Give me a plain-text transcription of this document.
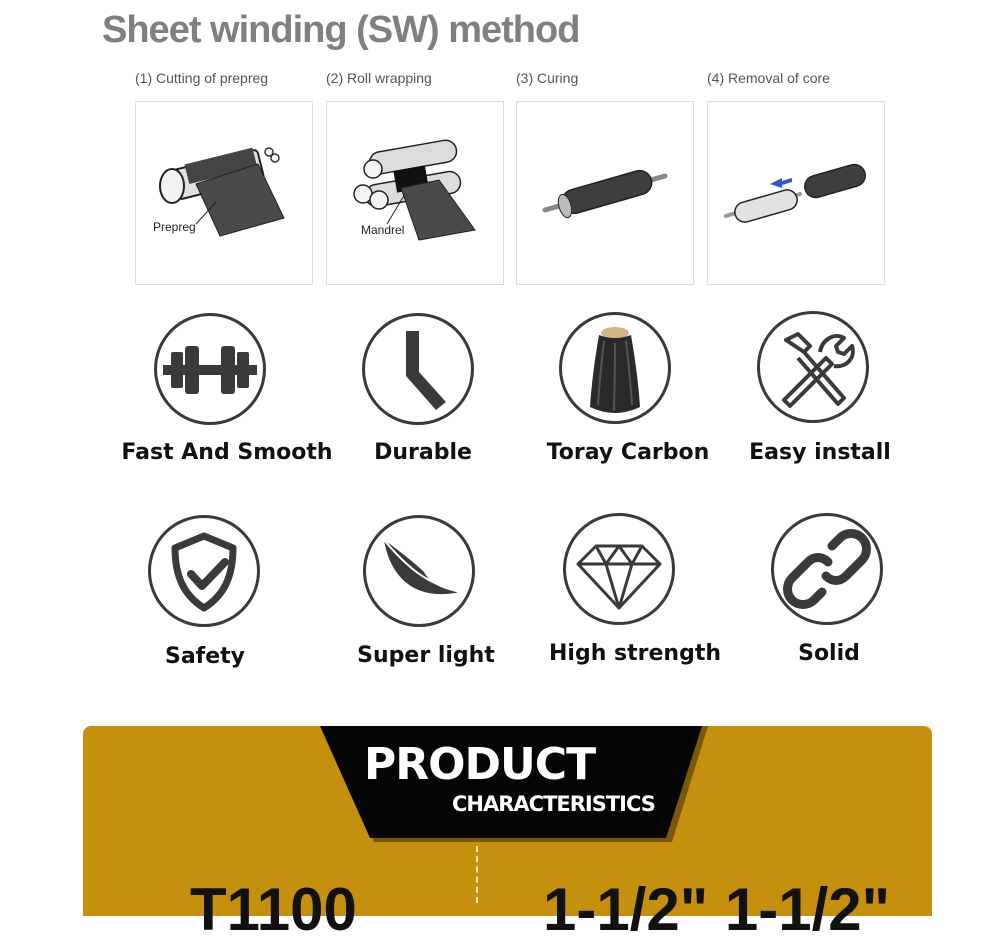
Sheet winding (SW) method
(1) Cutting of prepreg	(2) Roll wrapping	(3) Curing	(4) Removal of core
Prepreg	Mandrel
Fast And Smooth Durable	Toray Carbon Easy install
Safety	Super light High strength	Solid
PRODUCT
CHARACTERISTICS
T1100	1-1/2" 1-1/2"
